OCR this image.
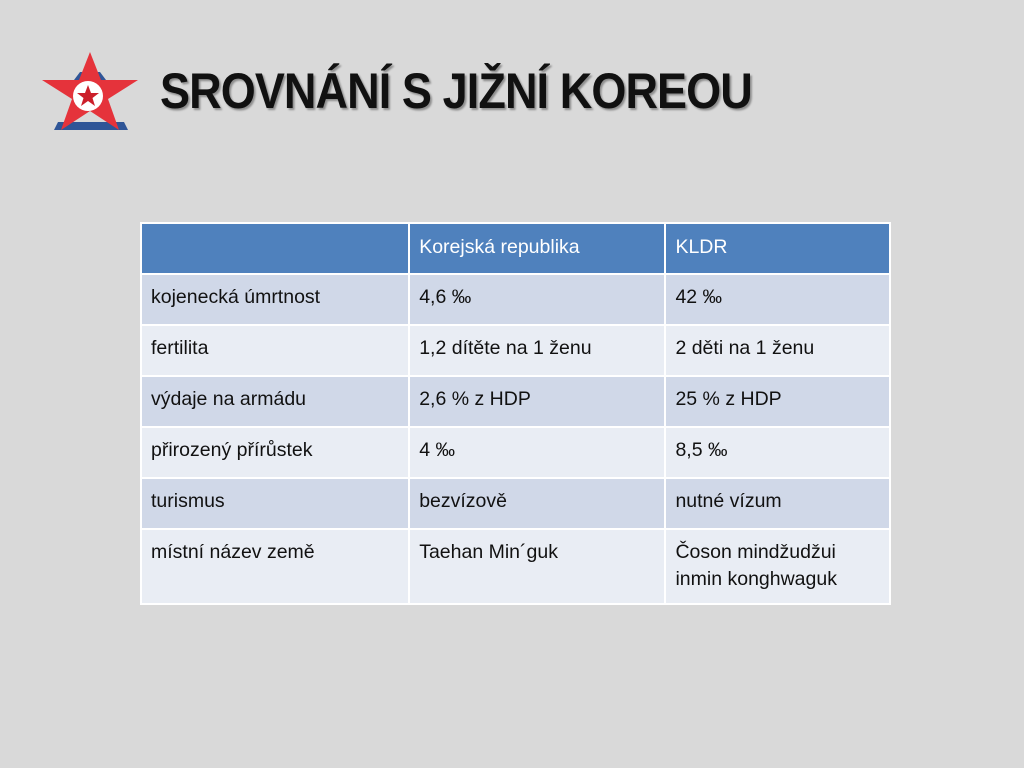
SROVNÁNÍ S JIŽNÍ KOREOU
	Korejská republika	KLDR
kojenecká úmrtnost	4,6 ‰	42 ‰
fertilita	1,2 dítěte na 1 ženu	2 děti na 1 ženu
výdaje na armádu	2,6 % z HDP	25 % z HDP
přirozený přírůstek	4 ‰	8,5 ‰
turismus	bezvízově	nutné vízum
místní název země	Taehan Min´guk	Čoson mindžudžui inmin konghwaguk
